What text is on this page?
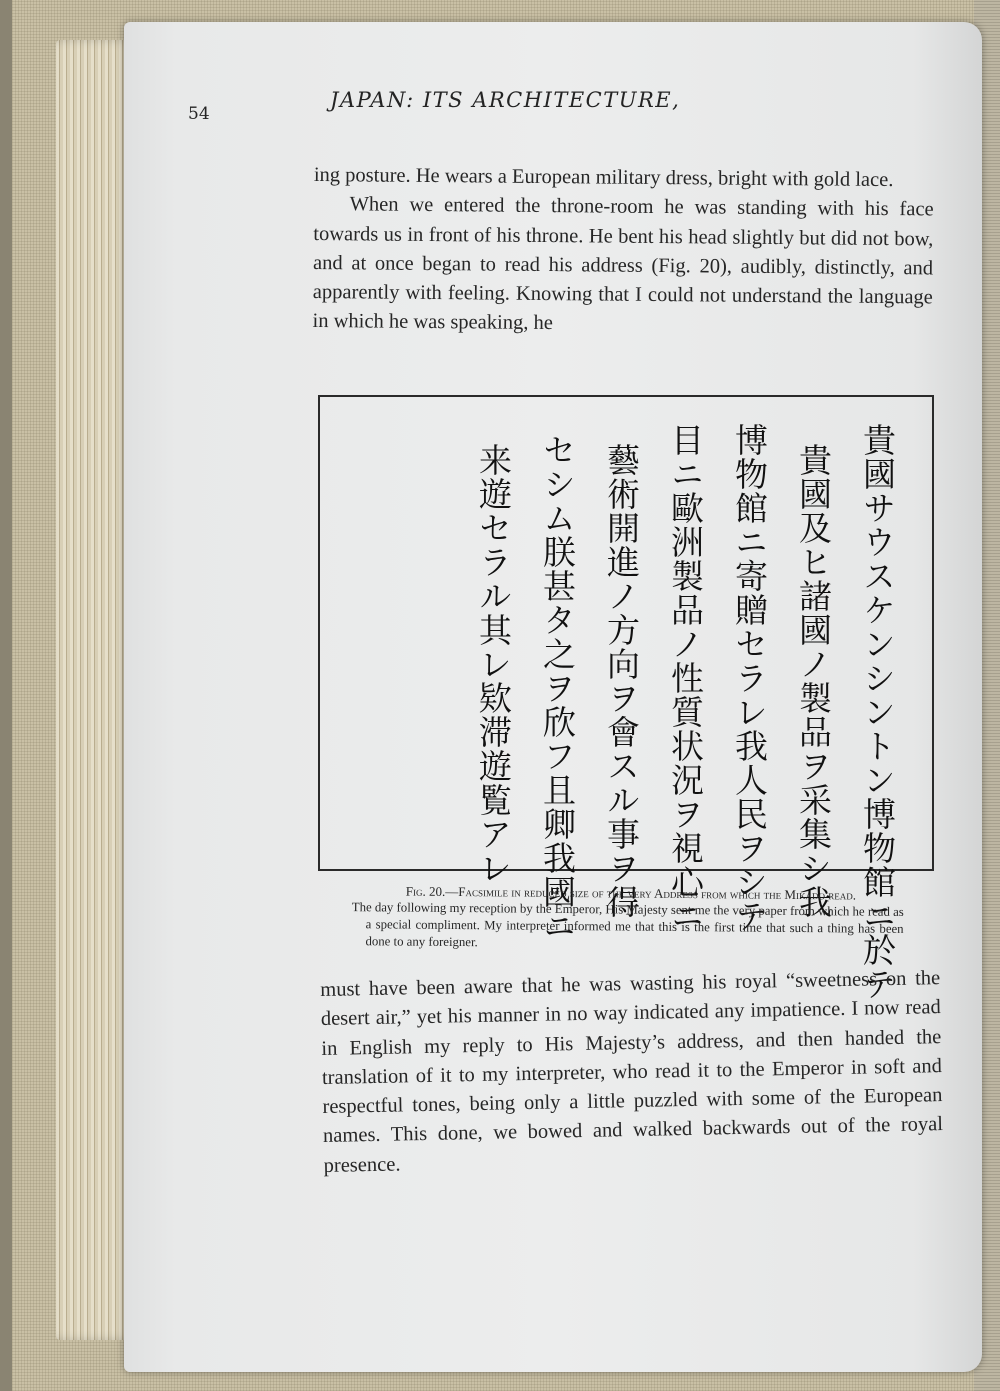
54
JAPAN: ITS ARCHITECTURE,

ing posture. He wears a European military dress, bright with gold lace.

When we entered the throne-room he was standing with his face towards us in front of his throne. He bent his head slightly but did not bow, and at once began to read his address (Fig. 20), audibly, distinctly, and apparently with feeling. Knowing that I could not understand the language in which he was speaking, he

貴國サウスケンシントン博物館ニ於テ
貴國及ヒ諸國ノ製品ヲ采集シ我
博物館ニ寄贈セラレ我人民ヲシテ
目ニ歐洲製品ノ性質状況ヲ視心ニ
藝術開進ノ方向ヲ會スル事ヲ得
セシム朕甚タ之ヲ欣フ且卿我國ニ
来遊セラル其レ欵滞遊覧アレ
Fig. 20.—Facsimile in reduced size of the very Address from which the Mikado read.
The day following my reception by the Emperor, His Majesty sent me the very paper from which he read as a special compliment. My interpreter informed me that this is the first time that such a thing has been done to any foreigner.

must have been aware that he was wasting his royal “sweetness on the desert air,” yet his manner in no way indicated any impatience. I now read in English my reply to His Majesty’s address, and then handed the translation of it to my interpreter, who read it to the Emperor in soft and respectful tones, being only a little puzzled with some of the European names. This done, we bowed and walked backwards out of the royal presence.
